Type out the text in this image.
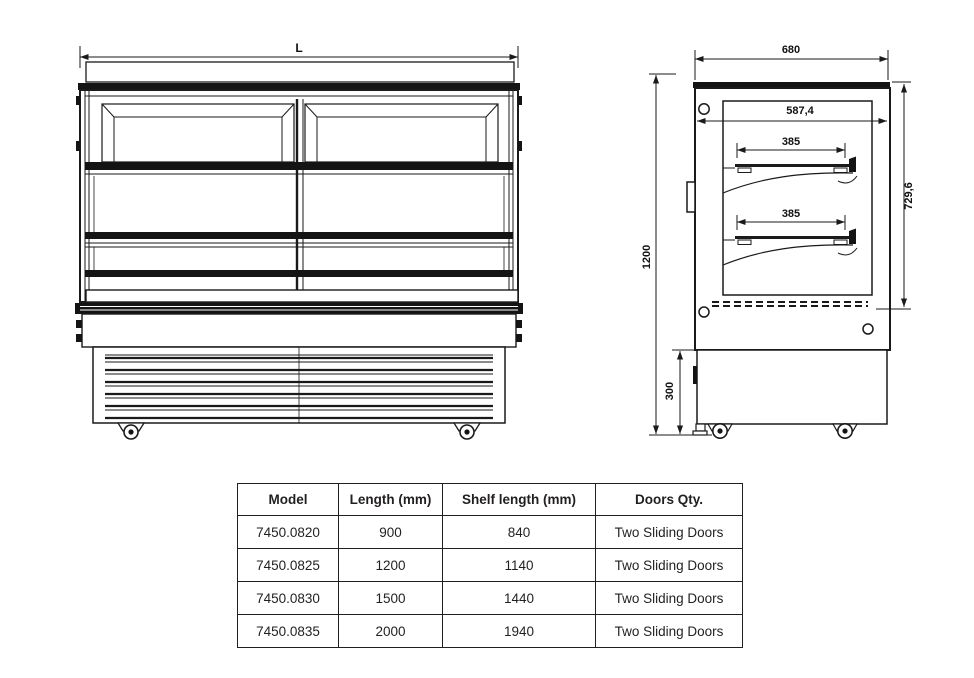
L	680
587,4
385
385
729,6
1200
300
Model	Length (mm)	Shelf length (mm)	Doors Qty.
7450.0820	900	840	Two Sliding Doors
7450.0825	1200	1140	Two Sliding Doors
7450.0830	1500	1440	Two Sliding Doors
7450.0835	2000	1940	Two Sliding Doors
